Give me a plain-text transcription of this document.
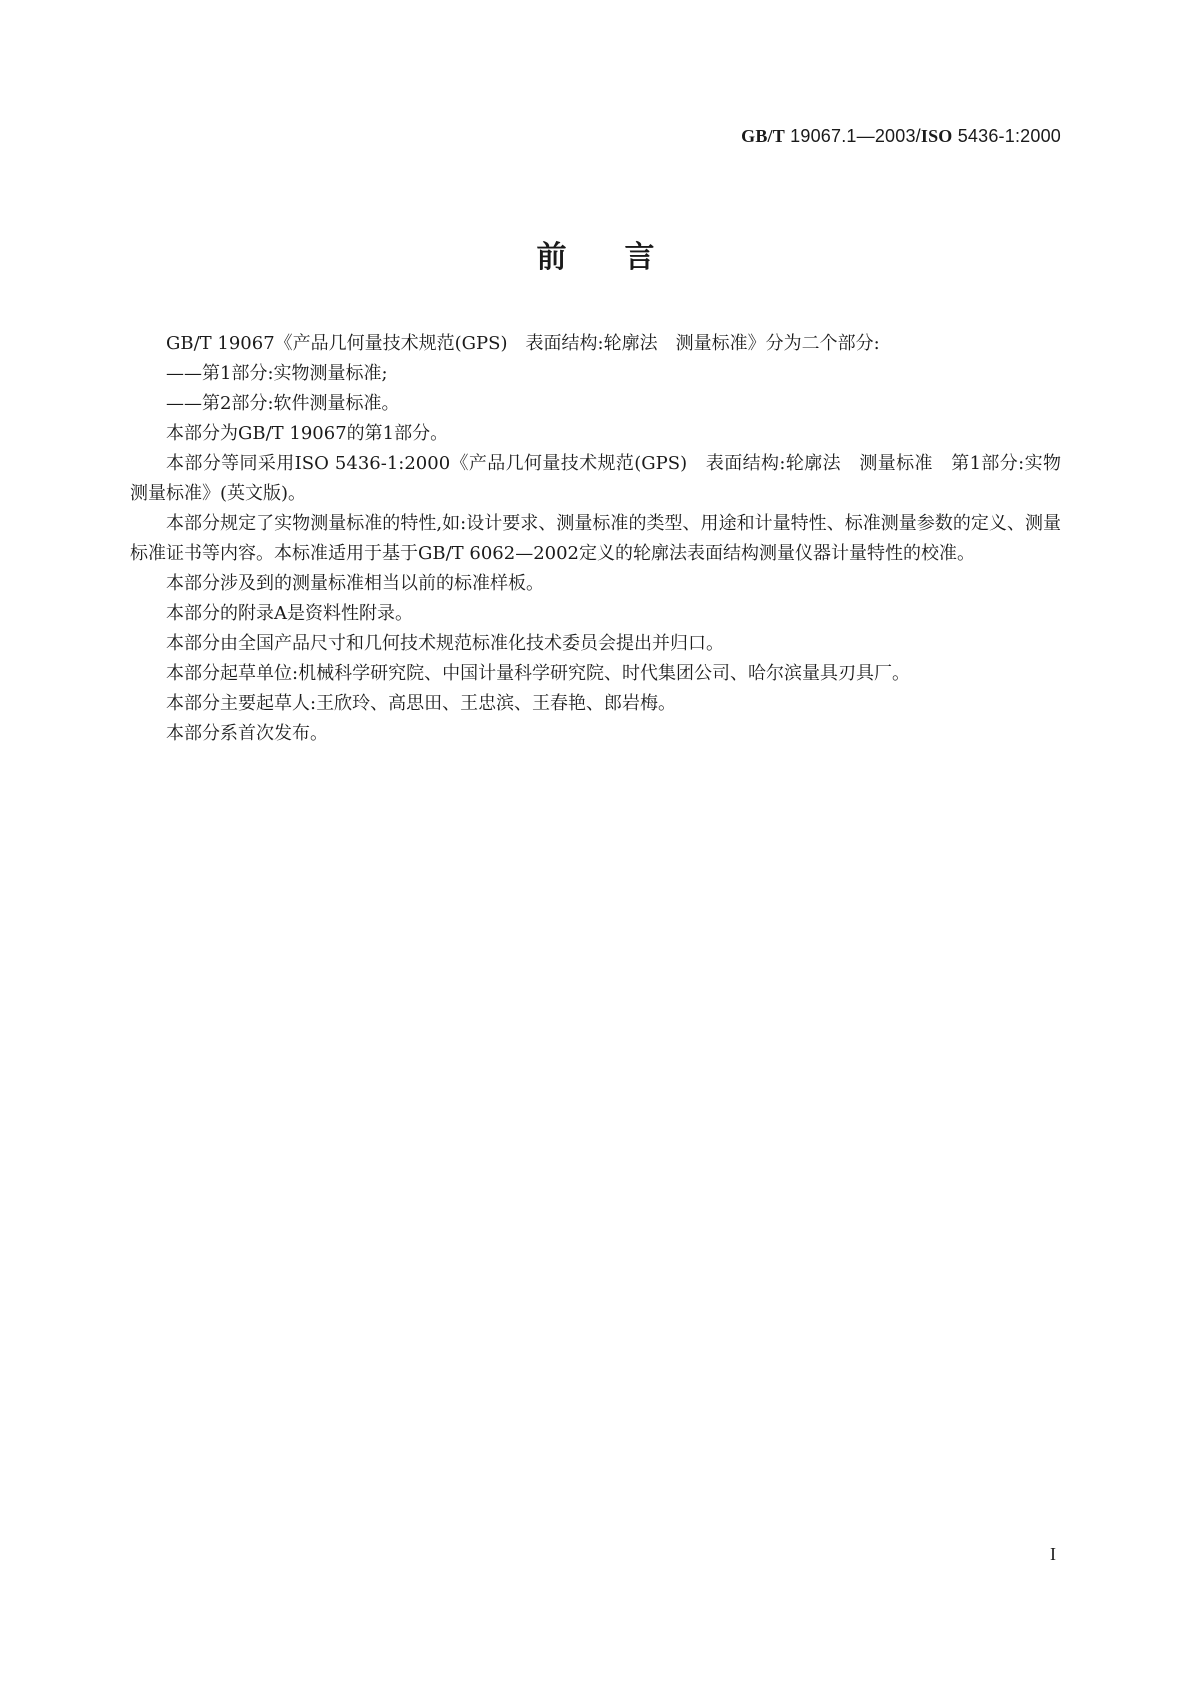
GB/T 19067.1—2003/ISO 5436-1:2000
前言

GB/T 19067《产品几何量技术规范(GPS)　表面结构:轮廓法　测量标准》分为二个部分:

——第1部分:实物测量标准;

——第2部分:软件测量标准。

本部分为GB/T 19067的第1部分。

本部分等同采用ISO 5436-1:2000《产品几何量技术规范(GPS)　表面结构:轮廓法　测量标准　第1部分:实物测量标准》(英文版)。

本部分规定了实物测量标准的特性,如:设计要求、测量标准的类型、用途和计量特性、标准测量参数的定义、测量标准证书等内容。本标准适用于基于GB/T 6062—2002定义的轮廓法表面结构测量仪器计量特性的校准。

本部分涉及到的测量标准相当以前的标准样板。

本部分的附录A是资料性附录。

本部分由全国产品尺寸和几何技术规范标准化技术委员会提出并归口。

本部分起草单位:机械科学研究院、中国计量科学研究院、时代集团公司、哈尔滨量具刃具厂。

本部分主要起草人:王欣玲、高思田、王忠滨、王春艳、郎岩梅。

本部分系首次发布。

I
